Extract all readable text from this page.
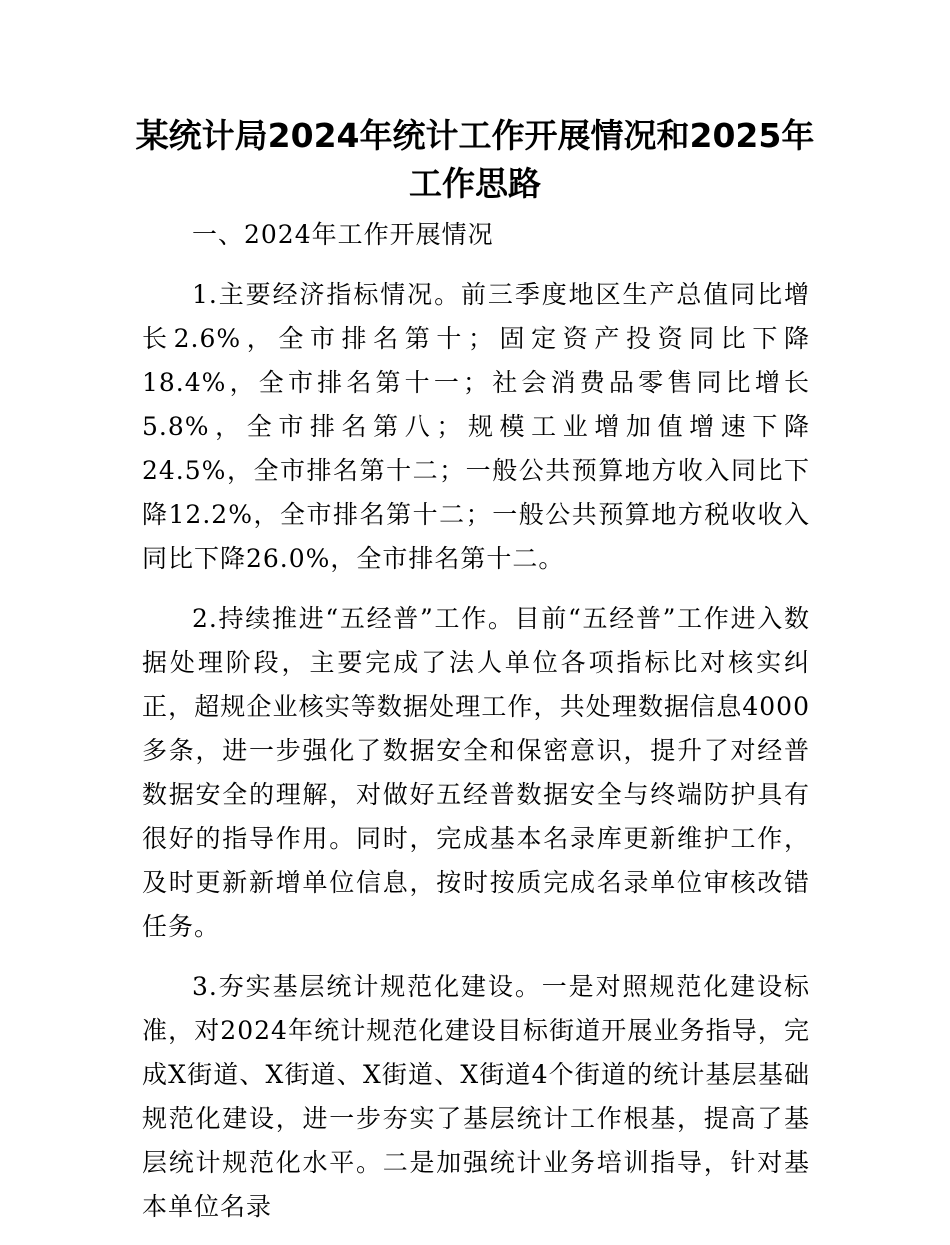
某统计局2024年统计工作开展情况和2025年
工作思路

一、2024年工作开展情况

1.主要经济指标情况。前三季度地区生产总值同比增长2.6%，全市排名第十；固定资产投资同比下降18.4%，全市排名第十一；社会消费品零售同比增长5.8%，全市排名第八；规模工业增加值增速下降24.5%，全市排名第十二；一般公共预算地方收入同比下降12.2%，全市排名第十二；一般公共预算地方税收收入同比下降26.0%，全市排名第十二。

2.持续推进“五经普”工作。目前“五经普”工作进入数据处理阶段，主要完成了法人单位各项指标比对核实纠正，超规企业核实等数据处理工作，共处理数据信息4000多条，进一步强化了数据安全和保密意识，提升了对经普数据安全的理解，对做好五经普数据安全与终端防护具有很好的指导作用。同时，完成基本名录库更新维护工作，及时更新新增单位信息，按时按质完成名录单位审核改错任务。

3.夯实基层统计规范化建设。一是对照规范化建设标准，对2024年统计规范化建设目标街道开展业务指导，完成X街道、X街道、X街道、X街道4个街道的统计基层基础规范化建设，进一步夯实了基层统计工作根基，提高了基层统计规范化水平。二是加强统计业务培训指导，针对基本单位名录
